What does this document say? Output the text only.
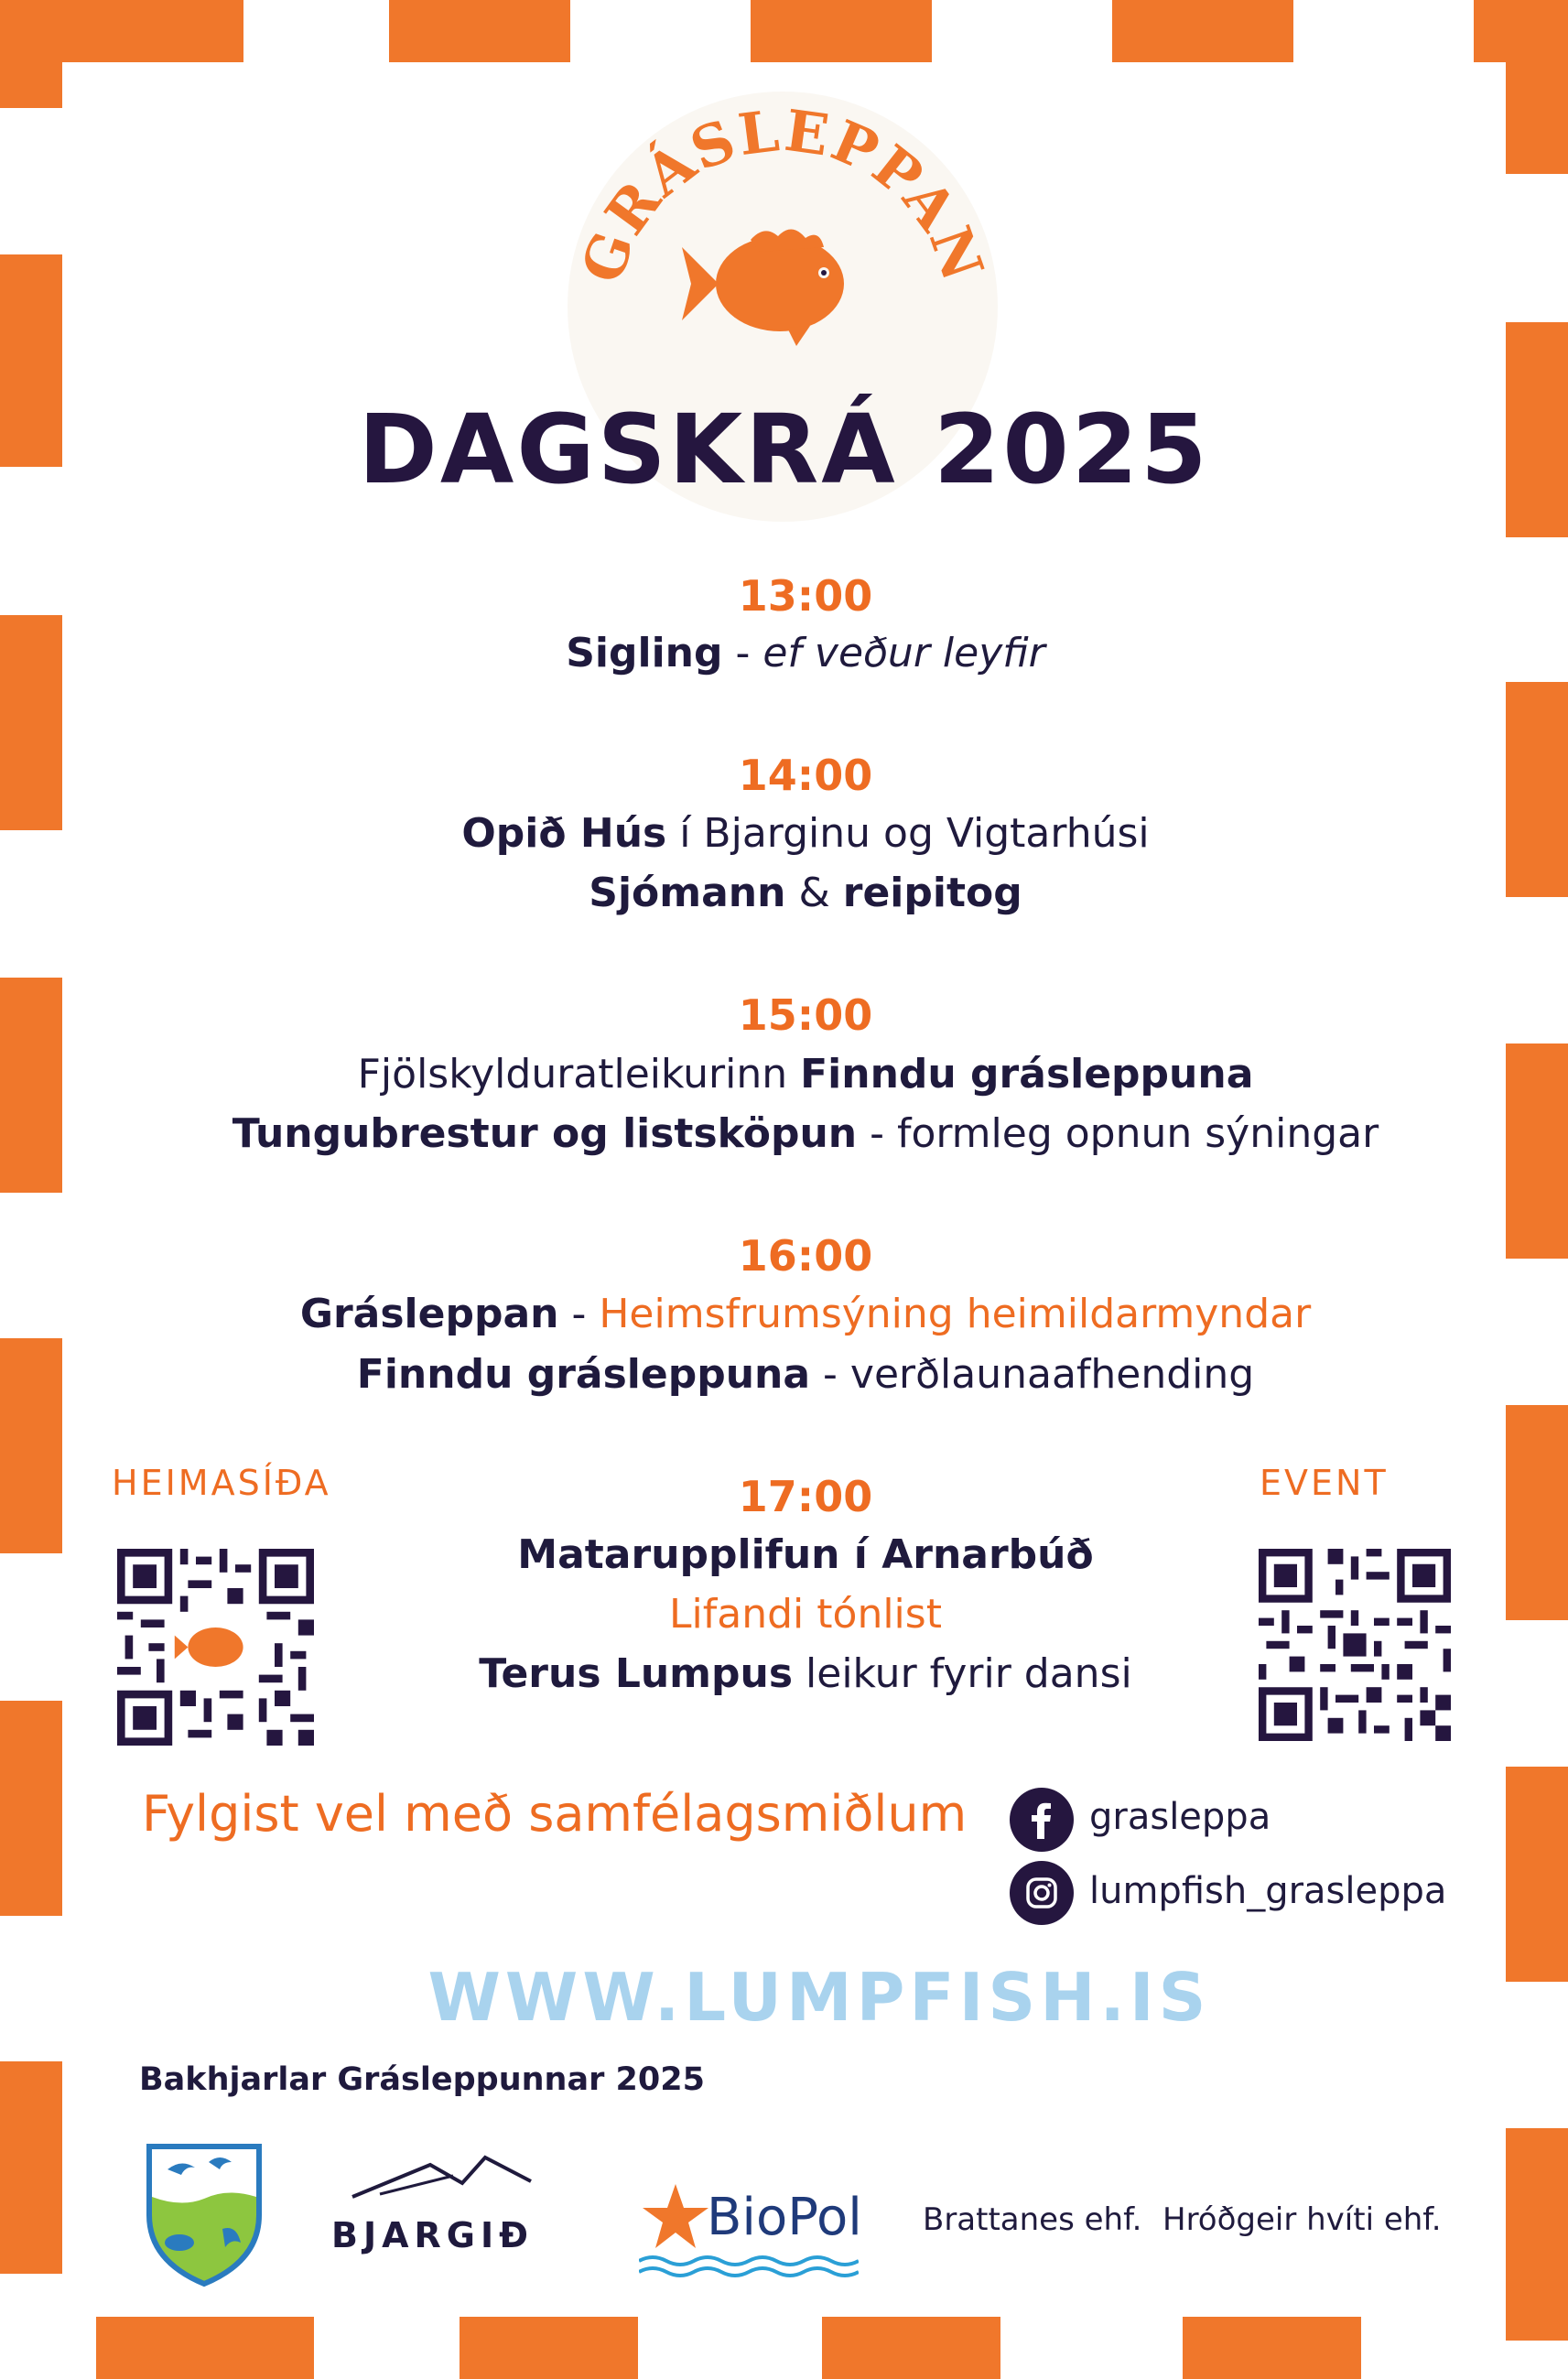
GRÁSLEPPAN
DAGSKRÁ 2025
13:00
Sigling - ef veður leyfir
14:00
Opið Hús í Bjarginu og Vigtarhúsi
Sjómann & reipitog
15:00
Fjölskylduratleikurinn Finndu grásleppuna
Tungubrestur og listsköpun - formleg opnun sýningar
16:00
Grásleppan - Heimsfrumsýning heimildarmyndar
Finndu grásleppuna - verðlaunaafhending
17:00
Matarupplifun í Arnarbúð
Lifandi tónlist
Terus Lumpus leikur fyrir dansi
HEIMASÍÐA	EVENT
Fylgist vel með samfélagsmiðlum	grasleppa
lumpfish_grasleppa
WWW.LUMPFISH.IS
Bakhjarlar Grásleppunnar 2025
BJARGIÐ	BioPol Brattanes ehf. Hróðgeir hvíti ehf.
